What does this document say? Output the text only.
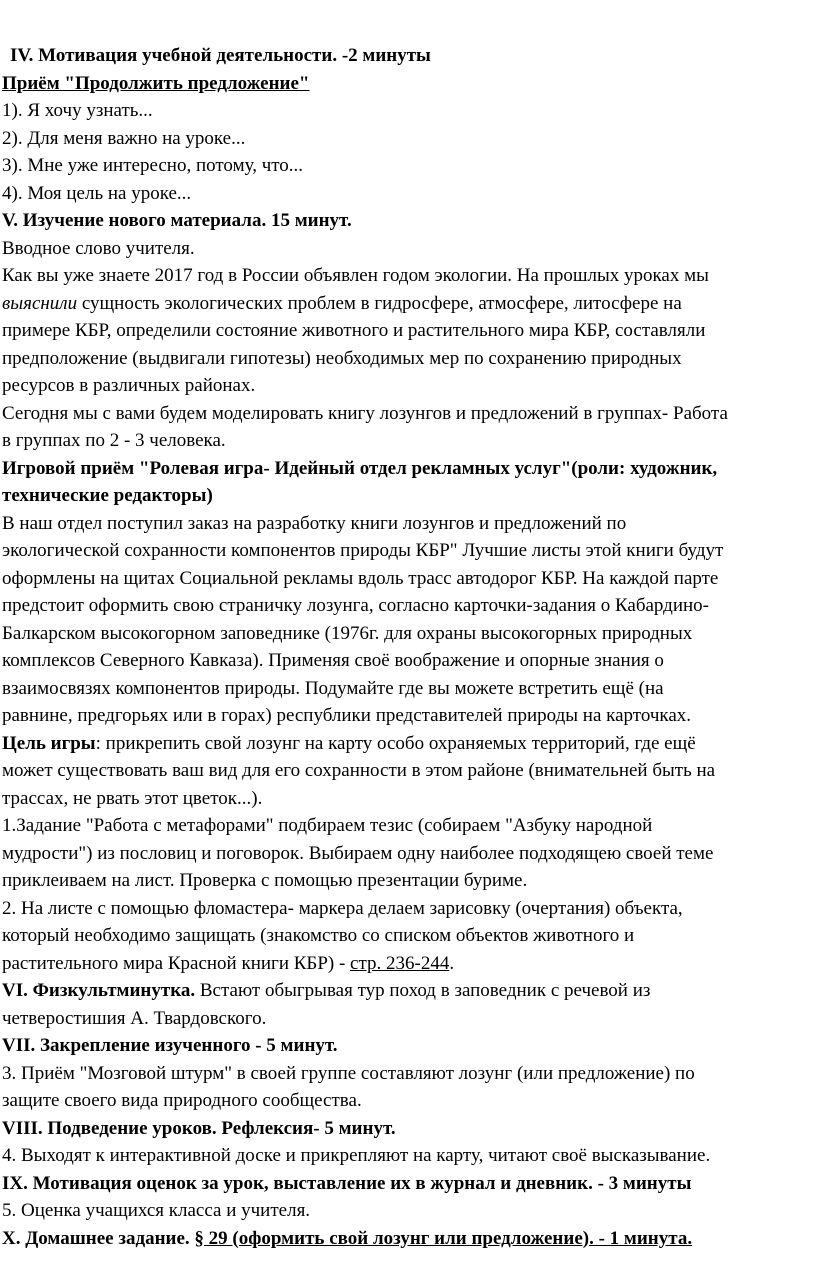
IV. Мотивация учебной деятельности. -2 минуты
Приём "Продолжить предложение"
1). Я хочу узнать...
2). Для меня важно на уроке...
3). Мне уже интересно, потому, что...
4). Моя цель на уроке...
V. Изучение нового материала. 15 минут.
Вводное слово учителя.
Как вы уже знаете 2017 год в России объявлен годом экологии. На прошлых уроках мы
выяснили сущность экологических проблем в гидросфере, атмосфере, литосфере на
примере КБР, определили состояние животного и растительного мира КБР, составляли
предположение (выдвигали гипотезы) необходимых мер по сохранению природных
ресурсов в различных районах.
Сегодня мы с вами будем моделировать книгу лозунгов и предложений в группах- Работа
в группах по 2 - 3 человека.
Игровой приём "Ролевая игра- Идейный отдел рекламных услуг"(роли: художник,
технические редакторы)
В наш отдел поступил заказ на разработку книги лозунгов и предложений по
экологической сохранности компонентов природы КБР" Лучшие листы этой книги будут
оформлены на щитах Социальной рекламы вдоль трасс автодорог КБР. На каждой парте
предстоит оформить свою страничку лозунга, согласно карточки-задания о Кабардино-
Балкарском высокогорном заповеднике (1976г. для охраны высокогорных природных
комплексов Северного Кавказа). Применяя своё воображение и опорные знания о
взаимосвязях компонентов природы. Подумайте где вы можете встретить ещё (на
равнине, предгорьях или в горах) республики представителей природы на карточках.
Цель игры: прикрепить свой лозунг на карту особо охраняемых территорий, где ещё
может существовать ваш вид для его сохранности в этом районе (внимательней быть на
трассах, не рвать этот цветок...).
1.Задание "Работа с метафорами" подбираем тезис (собираем "Азбуку народной
мудрости") из пословиц и поговорок. Выбираем одну наиболее подходящею своей теме
приклеиваем на лист. Проверка с помощью презентации буриме.
2. На листе с помощью фломастера- маркера делаем зарисовку (очертания) объекта,
который необходимо защищать (знакомство со списком объектов животного и
растительного мира Красной книги КБР) - стр. 236-244.
VI. Физкультминутка. Встают обыгрывая тур поход в заповедник с речевой из
четверостишия А. Твардовского.
VII. Закрепление изученного - 5 минут.
3. Приём "Мозговой штурм" в своей группе составляют лозунг (или предложение) по
защите своего вида природного сообщества.
VIII. Подведение уроков. Рефлексия- 5 минут.
4. Выходят к интерактивной доске и прикрепляют на карту, читают своё высказывание.
IX. Мотивация оценок за урок, выставление их в журнал и дневник. - 3 минуты
5. Оценка учащихся класса и учителя.
X. Домашнее задание. § 29 (оформить свой лозунг или предложение). - 1 минута.
